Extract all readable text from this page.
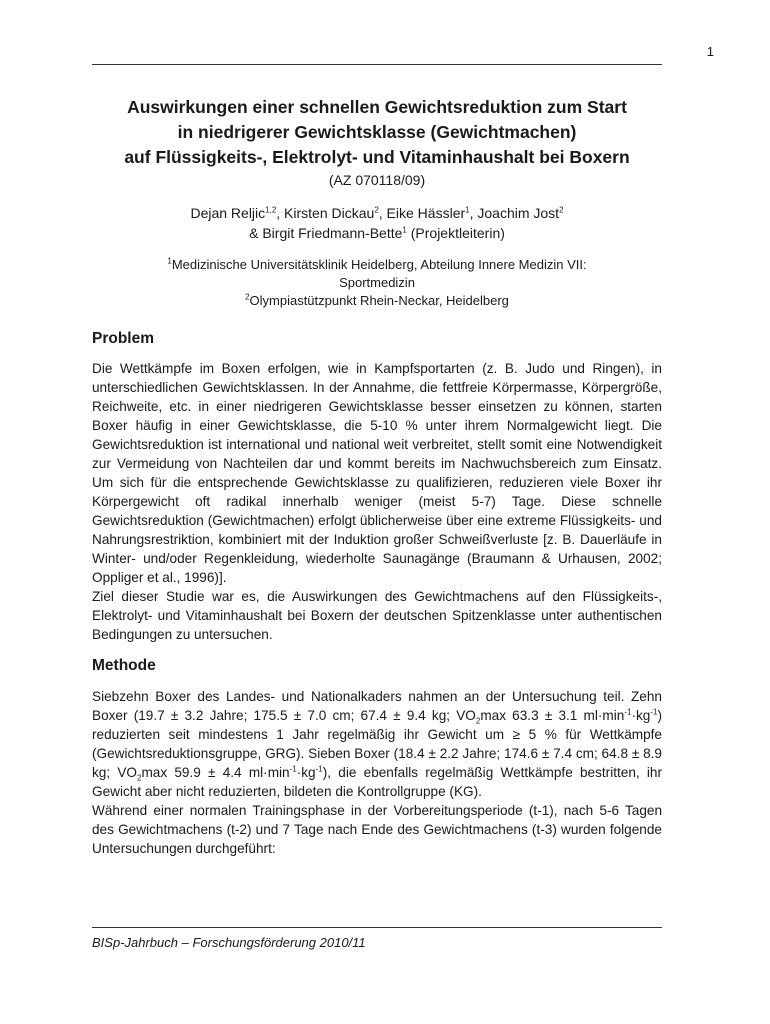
1
Auswirkungen einer schnellen Gewichtsreduktion zum Start
in niedrigerer Gewichtsklasse (Gewichtmachen)
auf Flüssigkeits-, Elektrolyt- und Vitaminhaushalt bei Boxern
(AZ 070118/09)
Dejan Reljic$^{1,2}$, Kirsten Dickau$^2$, Eike Hässler$^1$, Joachim Jost$^2$
& Birgit Friedmann-Bette$^1$ (Projektleiterin)
$^1$Medizinische Universitätsklinik Heidelberg, Abteilung Innere Medizin VII:
Sportmedizin
$^2$Olympiastützpunkt Rhein-Neckar, Heidelberg
Problem

Die Wettkämpfe im Boxen erfolgen, wie in Kampfsportarten (z. B. Judo und Ringen), in unterschiedlichen Gewichtsklassen. In der Annahme, die fettfreie Körpermasse, Körpergröße, Reichweite, etc. in einer niedrigeren Gewichtsklasse besser einsetzen zu können, starten Boxer häufig in einer Gewichtsklasse, die 5-10 % unter ihrem Normalgewicht liegt. Die Gewichtsreduktion ist international und national weit verbreitet, stellt somit eine Notwendigkeit zur Vermeidung von Nachteilen dar und kommt bereits im Nachwuchsbereich zum Einsatz. Um sich für die entsprechende Gewichtsklasse zu qualifizieren, reduzieren viele Boxer ihr Körpergewicht oft radikal innerhalb weniger (meist 5-7) Tage. Diese schnelle Gewichtsreduktion (Gewichtmachen) erfolgt üblicherweise über eine extreme Flüssigkeits- und Nahrungsrestriktion, kombiniert mit der Induktion großer Schweißverluste [z. B. Dauerläufe in Winter- und/oder Regenkleidung, wiederholte Saunagänge (Braumann & Urhausen, 2002; Oppliger et al., 1996)].

Ziel dieser Studie war es, die Auswirkungen des Gewichtmachens auf den Flüssigkeits-, Elektrolyt- und Vitaminhaushalt bei Boxern der deutschen Spitzenklasse unter authentischen Bedingungen zu untersuchen.

Methode

Siebzehn Boxer des Landes- und Nationalkaders nahmen an der Untersuchung teil. Zehn Boxer (19.7 ± 3.2 Jahre; 175.5 ± 7.0 cm; 67.4 ± 9.4 kg; $VO_2\max$ 63.3 ± 3.1 $ml\cdot\min^{-1}\cdot kg^{-1}$) reduzierten seit mindestens 1 Jahr regelmäßig ihr Gewicht um ≥ 5 % für Wettkämpfe (Gewichtsreduktionsgruppe, GRG). Sieben Boxer (18.4 ± 2.2 Jahre; 174.6 ± 7.4 cm; 64.8 ± 8.9 kg; $VO_2\max$ 59.9 ± 4.4 $ml\cdot\min^{-1}\cdot kg^{-1}$), die ebenfalls regelmäßig Wettkämpfe bestritten, ihr Gewicht aber nicht reduzierten, bildeten die Kontrollgruppe (KG).

Während einer normalen Trainingsphase in der Vorbereitungsperiode (t-1), nach 5-6 Tagen des Gewichtmachens (t-2) und 7 Tage nach Ende des Gewichtmachens (t-3) wurden folgende Untersuchungen durchgeführt:

BISp-Jahrbuch – Forschungsförderung 2010/11
